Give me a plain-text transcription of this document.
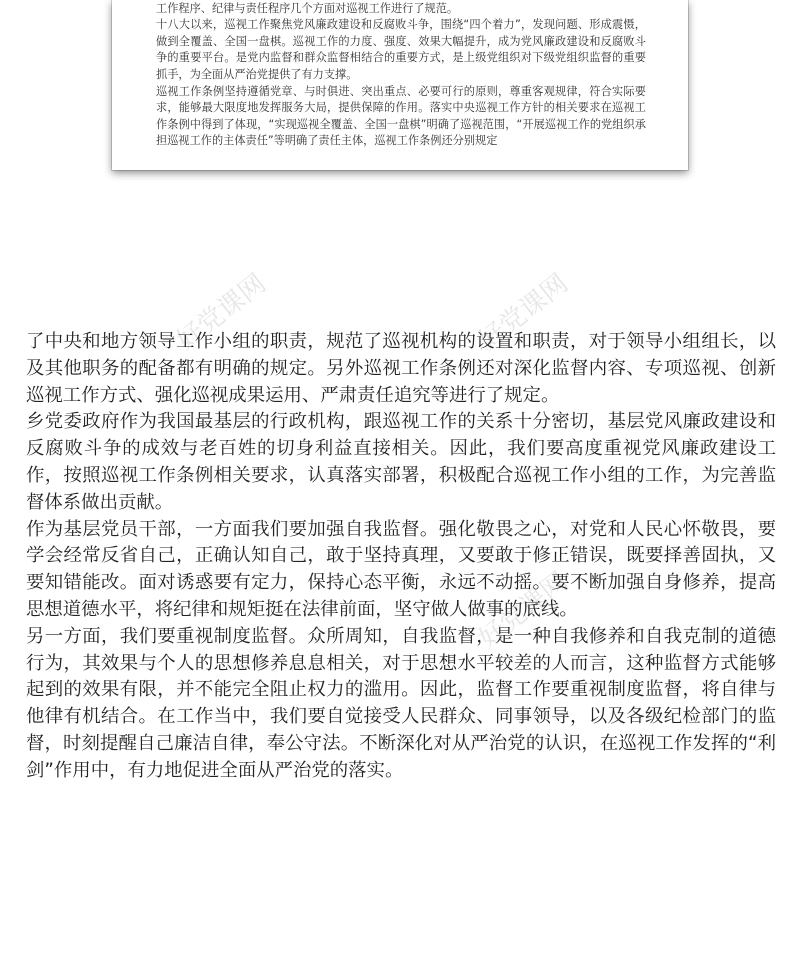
工作程序、纪律与责任程序几个方面对巡视工作进行了规范。

十八大以来，巡视工作聚焦党风廉政建设和反腐败斗争，围绕“四个着力”，发现问题、形成震慑，做到全覆盖、全国一盘棋。巡视工作的力度、强度、效果大幅提升，成为党风廉政建设和反腐败斗争的重要平台。是党内监督和群众监督相结合的重要方式，是上级党组织对下级党组织监督的重要抓手，为全面从严治党提供了有力支撑。

巡视工作条例坚持遵循党章、与时俱进、突出重点、必要可行的原则，尊重客观规律，符合实际要求，能够最大限度地发挥服务大局，提供保障的作用。落实中央巡视工作方针的相关要求在巡视工作条例中得到了体现，“实现巡视全覆盖、全国一盘棋”明确了巡视范围，“开展巡视工作的党组织承担巡视工作的主体责任”等明确了责任主体，巡视工作条例还分别规定

好党课网	好党课网
好党课网

了中央和地方领导工作小组的职责，规范了巡视机构的设置和职责，对于领导小组组长，以及其他职务的配备都有明确的规定。另外巡视工作条例还对深化监督内容、专项巡视、创新巡视工作方式、强化巡视成果运用、严肃责任追究等进行了规定。

乡党委政府作为我国最基层的行政机构，跟巡视工作的关系十分密切，基层党风廉政建设和反腐败斗争的成效与老百姓的切身利益直接相关。因此，我们要高度重视党风廉政建设工作，按照巡视工作条例相关要求，认真落实部署，积极配合巡视工作小组的工作，为完善监督体系做出贡献。

作为基层党员干部，一方面我们要加强自我监督。强化敬畏之心，对党和人民心怀敬畏，要学会经常反省自己，正确认知自己，敢于坚持真理，又要敢于修正错误，既要择善固执，又要知错能改。面对诱惑要有定力，保持心态平衡，永远不动摇。要不断加强自身修养，提高思想道德水平，将纪律和规矩挺在法律前面，坚守做人做事的底线。

另一方面，我们要重视制度监督。众所周知，自我监督，是一种自我修养和自我克制的道德行为，其效果与个人的思想修养息息相关，对于思想水平较差的人而言，这种监督方式能够起到的效果有限，并不能完全阻止权力的滥用。因此，监督工作要重视制度监督，将自律与他律有机结合。在工作当中，我们要自觉接受人民群众、同事领导，以及各级纪检部门的监督，时刻提醒自己廉洁自律，奉公守法。不断深化对从严治党的认识，在巡视工作发挥的“利剑”作用中，有力地促进全面从严治党的落实。
